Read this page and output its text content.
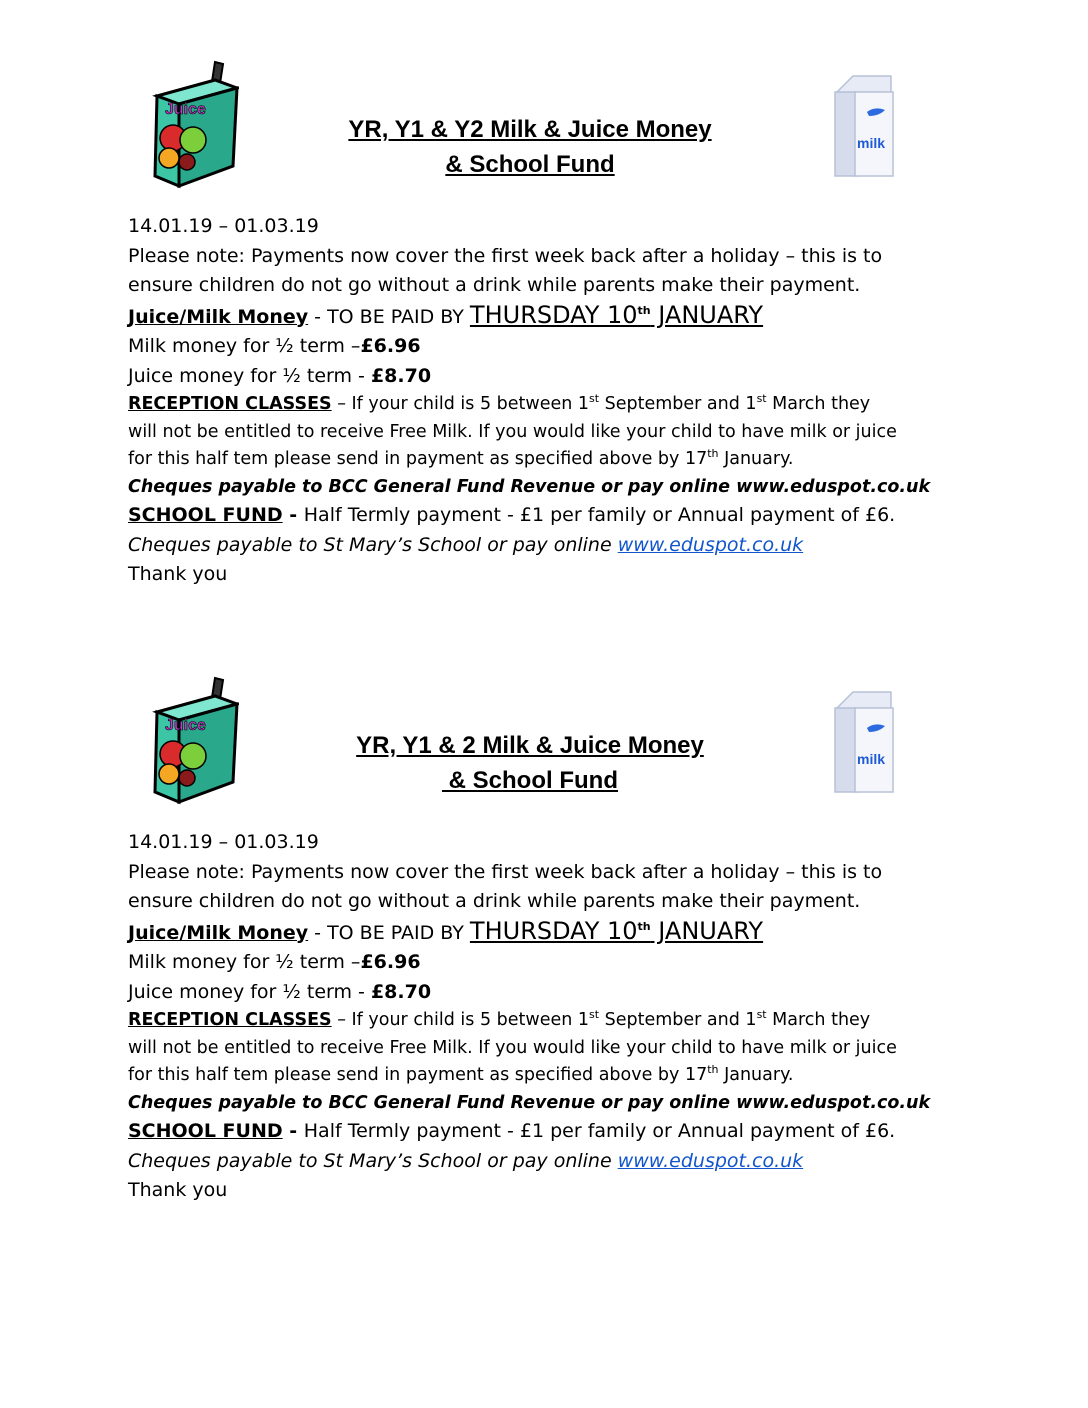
Juice
YR, Y1 & Y2 Milk & Juice Money
& School Fund
milk
14.01.19 – 01.03.19
Please note: Payments now cover the first week back after a holiday – this is to
ensure children do not go without a drink while parents make their payment.
Juice/Milk Money - TO BE PAID BY THURSDAY 10th JANUARY
Milk money for ½ term –£6.96
Juice money for ½ term - £8.70
RECEPTION CLASSES – If your child is 5 between 1st September and 1st March they
will not be entitled to receive Free Milk. If you would like your child to have milk or juice
for this half tem please send in payment as specified above by 17th January.
Cheques payable to BCC General Fund Revenue or pay online www.eduspot.co.uk
SCHOOL FUND - Half Termly payment - £1 per family or Annual payment of £6.
Cheques payable to St Mary’s School or pay online www.eduspot.co.uk
Thank you
Juice
YR, Y1 & 2 Milk & Juice Money
& School Fund
milk
14.01.19 – 01.03.19
Please note: Payments now cover the first week back after a holiday – this is to
ensure children do not go without a drink while parents make their payment.
Juice/Milk Money - TO BE PAID BY THURSDAY 10th JANUARY
Milk money for ½ term –£6.96
Juice money for ½ term - £8.70
RECEPTION CLASSES – If your child is 5 between 1st September and 1st March they
will not be entitled to receive Free Milk. If you would like your child to have milk or juice
for this half tem please send in payment as specified above by 17th January.
Cheques payable to BCC General Fund Revenue or pay online www.eduspot.co.uk
SCHOOL FUND - Half Termly payment - £1 per family or Annual payment of £6.
Cheques payable to St Mary’s School or pay online www.eduspot.co.uk
Thank you
